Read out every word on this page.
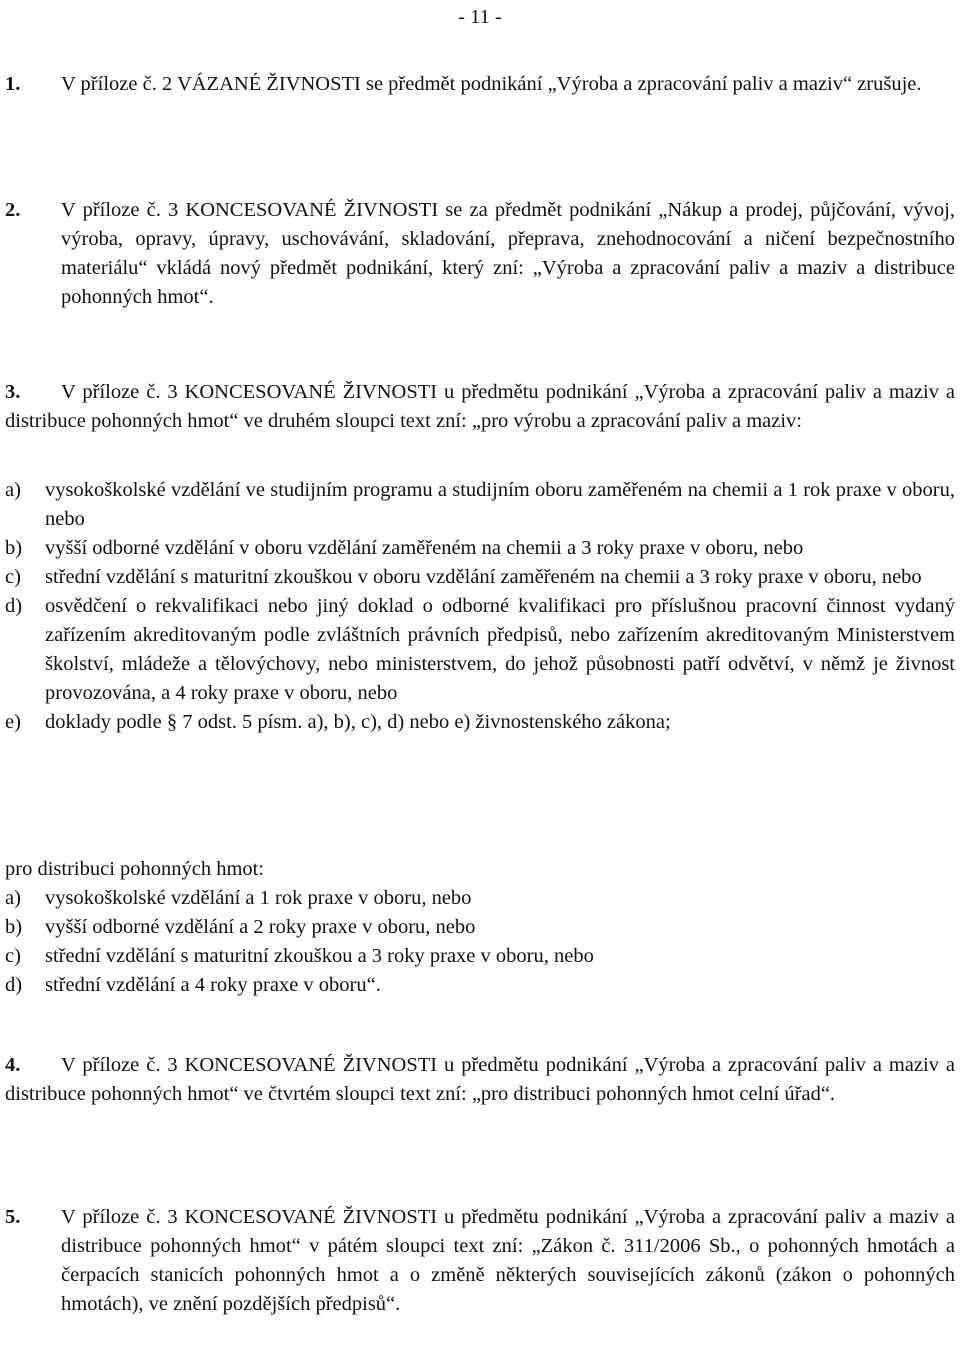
- 11 -
1. V příloze č. 2 VÁZANÉ ŽIVNOSTI se předmět podnikání „Výroba a zpracování paliv a maziv“ zrušuje.
2. V příloze č. 3 KONCESOVANÉ ŽIVNOSTI se za předmět podnikání „Nákup a prodej, půjčování, vývoj, výroba, opravy, úpravy, uschovávání, skladování, přeprava, znehodnocování a ničení bezpečnostního materiálu“ vkládá nový předmět podnikání, který zní: „Výroba a zpracování paliv a maziv a distribuce pohonných hmot“.
3.	V příloze č. 3 KONCESOVANÉ ŽIVNOSTI u předmětu podnikání „Výroba a zpracování paliv a maziv a distribuce pohonných hmot“ ve druhém sloupci text zní: „pro výrobu a zpracování paliv a maziv:
a) vysokoškolské vzdělání ve studijním programu a studijním oboru zaměřeném na chemii a 1 rok praxe v oboru, nebo
b) vyšší odborné vzdělání v oboru vzdělání zaměřeném na chemii a 3 roky praxe v oboru, nebo
c) střední vzdělání s maturitní zkouškou v oboru vzdělání zaměřeném na chemii a 3 roky praxe v oboru, nebo
d) osvědčení o rekvalifikaci nebo jiný doklad o odborné kvalifikaci pro příslušnou pracovní činnost vydaný zařízením akreditovaným podle zvláštních právních předpisů, nebo zařízením akreditovaným Ministerstvem školství, mládeže a tělovýchovy, nebo ministerstvem, do jehož působnosti patří odvětví, v němž je živnost provozována, a 4 roky praxe v oboru, nebo
e) doklady podle § 7 odst. 5 písm. a), b), c), d) nebo e) živnostenského zákona;
pro distribuci pohonných hmot:
a) vysokoškolské vzdělání a 1 rok praxe v oboru, nebo
b) vyšší odborné vzdělání a 2 roky praxe v oboru, nebo
c) střední vzdělání s maturitní zkouškou a 3 roky praxe v oboru, nebo
d) střední vzdělání a 4 roky praxe v oboru“.
4.	V příloze č. 3 KONCESOVANÉ ŽIVNOSTI u předmětu podnikání „Výroba a zpracování paliv a maziv a distribuce pohonných hmot“ ve čtvrtém sloupci text zní: „pro distribuci pohonných hmot celní úřad“.
5. V příloze č. 3 KONCESOVANÉ ŽIVNOSTI u předmětu podnikání „Výroba a zpracování paliv a maziv a distribuce pohonných hmot“ v pátém sloupci text zní: „Zákon č. 311/2006 Sb., o pohonných hmotách a čerpacích stanicích pohonných hmot a o změně některých souvisejících zákonů (zákon o pohonných hmotách), ve znění pozdějších předpisů“.
